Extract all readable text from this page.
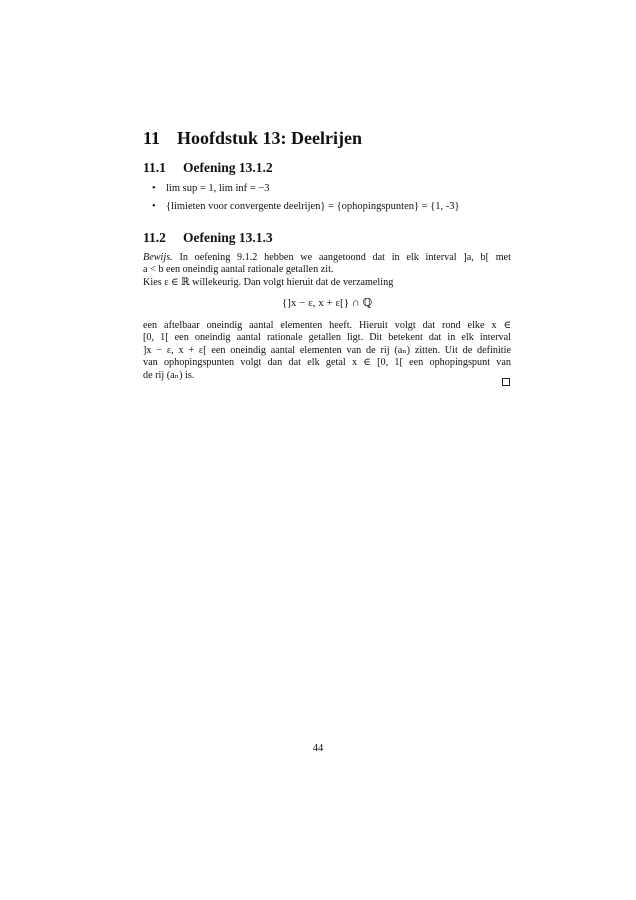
11 Hoofdstuk 13: Deelrijen
11.1 Oefening 13.1.2
• lim sup = 1, lim inf = −3
• {limieten voor convergente deelrijen} = {ophopingspunten} = {1, -3}
11.2 Oefening 13.1.3
Bewijs. In oefening 9.1.2 hebben we aangetoond dat in elk interval ]a, b[ met
a < b een oneindig aantal rationale getallen zit.
Kies ε ∈ ℝ willekeurig. Dan volgt hieruit dat de verzameling
{]x − ε, x + ε[} ∩ ℚ
een aftelbaar oneindig aantal elementen heeft. Hieruit volgt dat rond elke x ∈
[0, 1[ een oneindig aantal rationale getallen ligt. Dit betekent dat in elk interval
]x − ε, x + ε[ een oneindig aantal elementen van de rij (aₙ) zitten. Uit de definitie
van ophopingspunten volgt dan dat elk getal x ∈ [0, 1[ een ophopingspunt van
de rij (aₙ) is.
44
